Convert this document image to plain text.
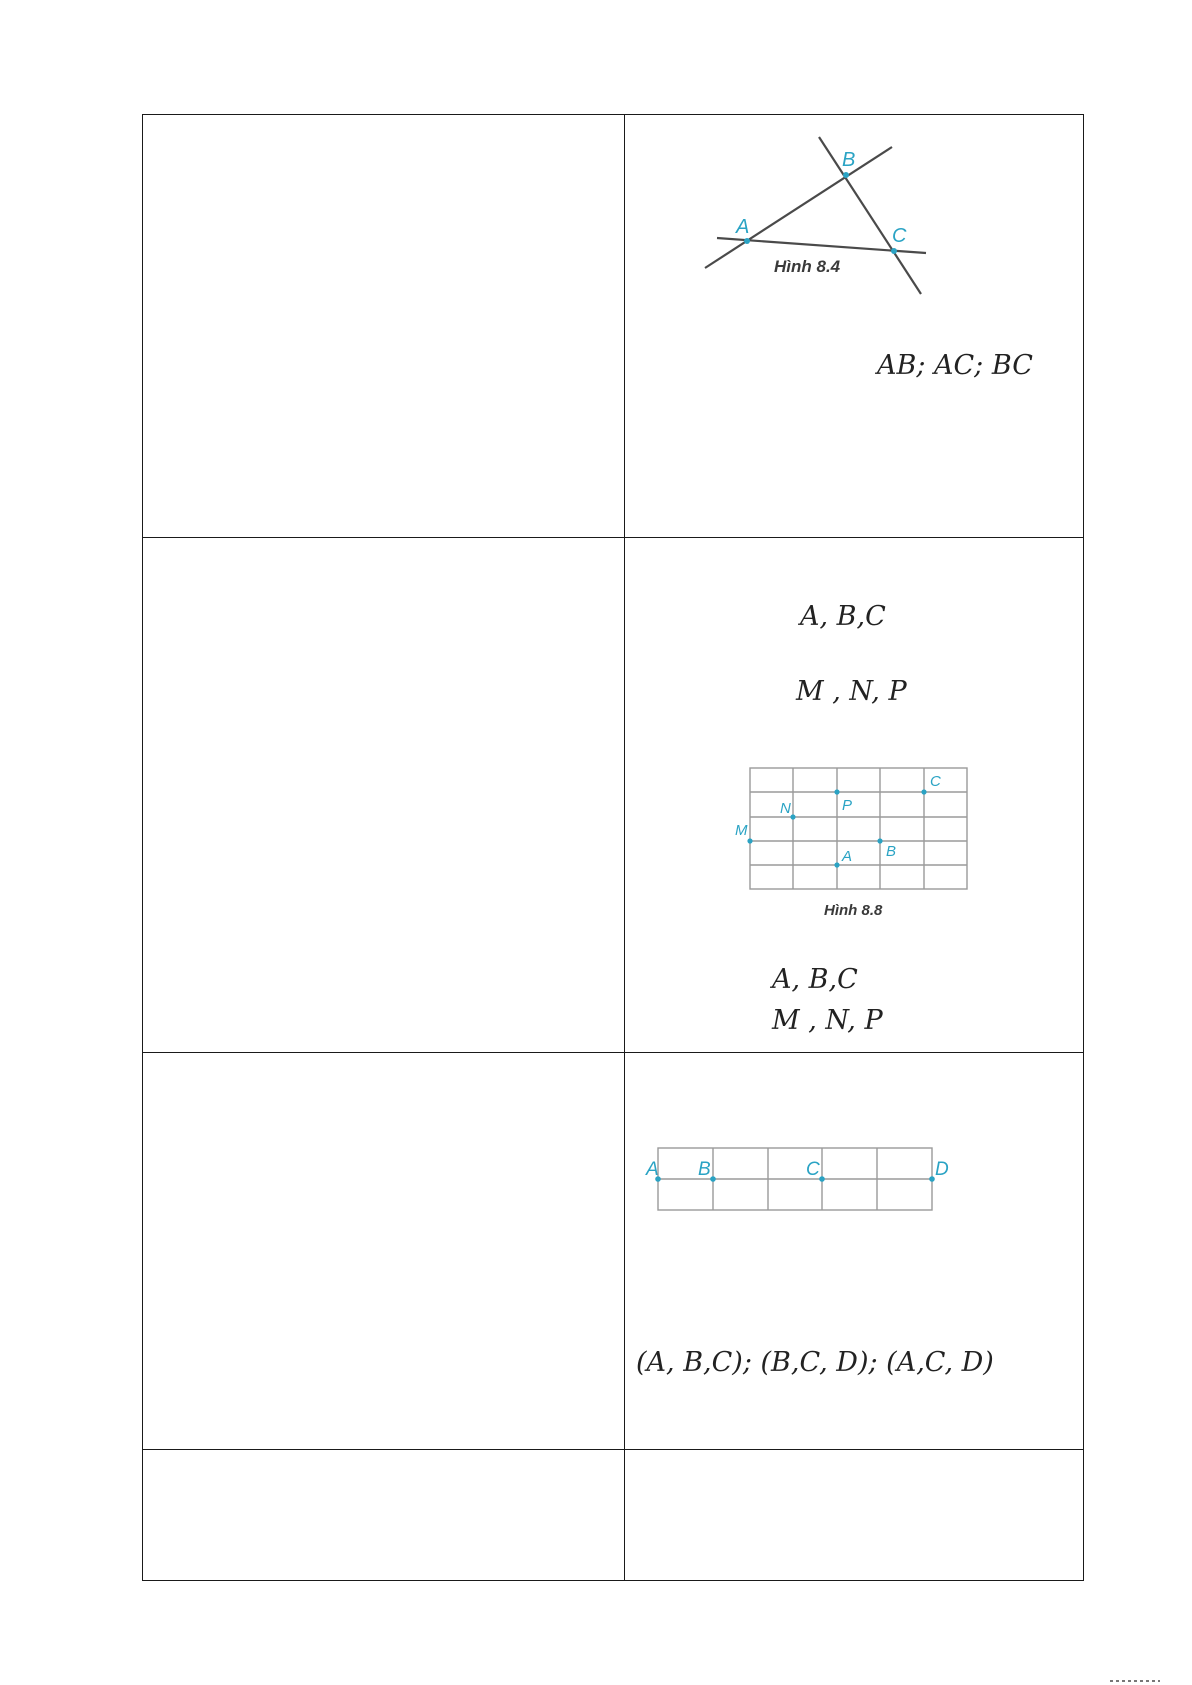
A
B
C
Hình 8.4
AB; AC; BC
A, B,C
M , N, P
M
N	P
A B
C
Hình 8.8
A, B,C
M , N, P
A B	C	D
(A, B,C); (B,C, D); (A,C, D)
